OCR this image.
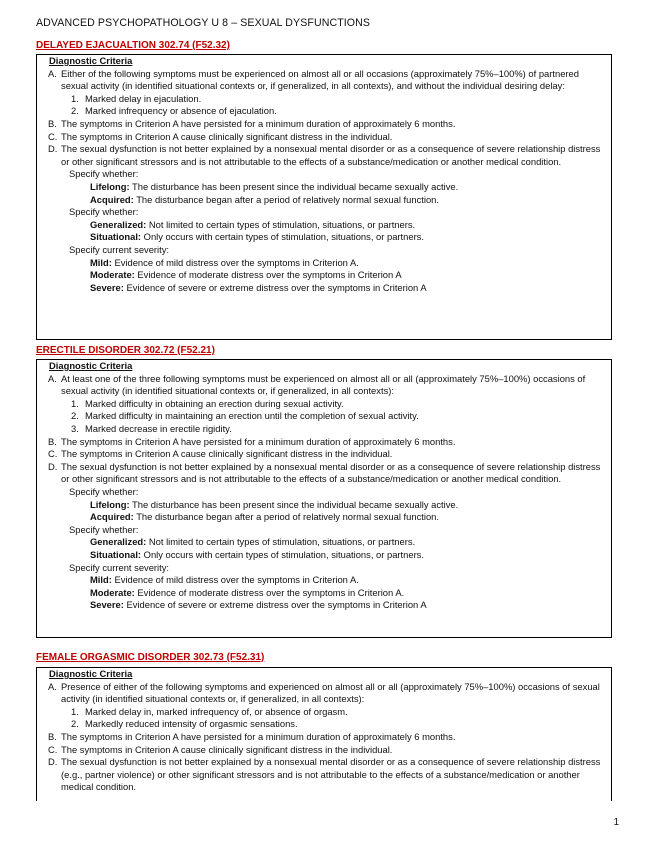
ADVANCED PSYCHOPATHOLOGY U 8 – SEXUAL DYSFUNCTIONS
DELAYED EJACUALTION 302.74 (F52.32)
Diagnostic Criteria
A. Either of the following symptoms must be experienced on almost all or all occasions (approximately 75%–100%) of partnered sexual activity (in identified situational contexts or, if generalized, in all contexts), and without the individual desiring delay:
1. Marked delay in ejaculation.
2. Marked infrequency or absence of ejaculation.
B. The symptoms in Criterion A have persisted for a minimum duration of approximately 6 months.
C. The symptoms in Criterion A cause clinically significant distress in the individual.
D. The sexual dysfunction is not better explained by a nonsexual mental disorder or as a consequence of severe relationship distress or other significant stressors and is not attributable to the effects of a substance/medication or another medical condition.
Specify whether:
Lifelong: The disturbance has been present since the individual became sexually active.
Acquired: The disturbance began after a period of relatively normal sexual function.
Specify whether:
Generalized: Not limited to certain types of stimulation, situations, or partners.
Situational: Only occurs with certain types of stimulation, situations, or partners.
Specify current severity:
Mild: Evidence of mild distress over the symptoms in Criterion A.
Moderate: Evidence of moderate distress over the symptoms in Criterion A
Severe: Evidence of severe or extreme distress over the symptoms in Criterion A
ERECTILE DISORDER 302.72 (F52.21)
Diagnostic Criteria
A. At least one of the three following symptoms must be experienced on almost all or all (approximately 75%–100%) occasions of sexual activity (in identified situational contexts or, if generalized, in all contexts):
1. Marked difficulty in obtaining an erection during sexual activity.
2. Marked difficulty in maintaining an erection until the completion of sexual activity.
3. Marked decrease in erectile rigidity.
B. The symptoms in Criterion A have persisted for a minimum duration of approximately 6 months.
C. The symptoms in Criterion A cause clinically significant distress in the individual.
D. The sexual dysfunction is not better explained by a nonsexual mental disorder or as a consequence of severe relationship distress or other significant stressors and is not attributable to the effects of a substance/medication or another medical condition.
Specify whether:
Lifelong: The disturbance has been present since the individual became sexually active.
Acquired: The disturbance began after a period of relatively normal sexual function.
Specify whether:
Generalized: Not limited to certain types of stimulation, situations, or partners.
Situational: Only occurs with certain types of stimulation, situations, or partners.
Specify current severity:
Mild: Evidence of mild distress over the symptoms in Criterion A.
Moderate: Evidence of moderate distress over the symptoms in Criterion A.
Severe: Evidence of severe or extreme distress over the symptoms in Criterion A
FEMALE ORGASMIC DISORDER 302.73 (F52.31)
Diagnostic Criteria
A. Presence of either of the following symptoms and experienced on almost all or all (approximately 75%–100%) occasions of sexual activity (in identified situational contexts or, if generalized, in all contexts):
1. Marked delay in, marked infrequency of, or absence of orgasm.
2. Markedly reduced intensity of orgasmic sensations.
B. The symptoms in Criterion A have persisted for a minimum duration of approximately 6 months.
C. The symptoms in Criterion A cause clinically significant distress in the individual.
D. The sexual dysfunction is not better explained by a nonsexual mental disorder or as a consequence of severe relationship distress (e.g., partner violence) or other significant stressors and is not attributable to the effects of a substance/medication or another medical condition.
1
